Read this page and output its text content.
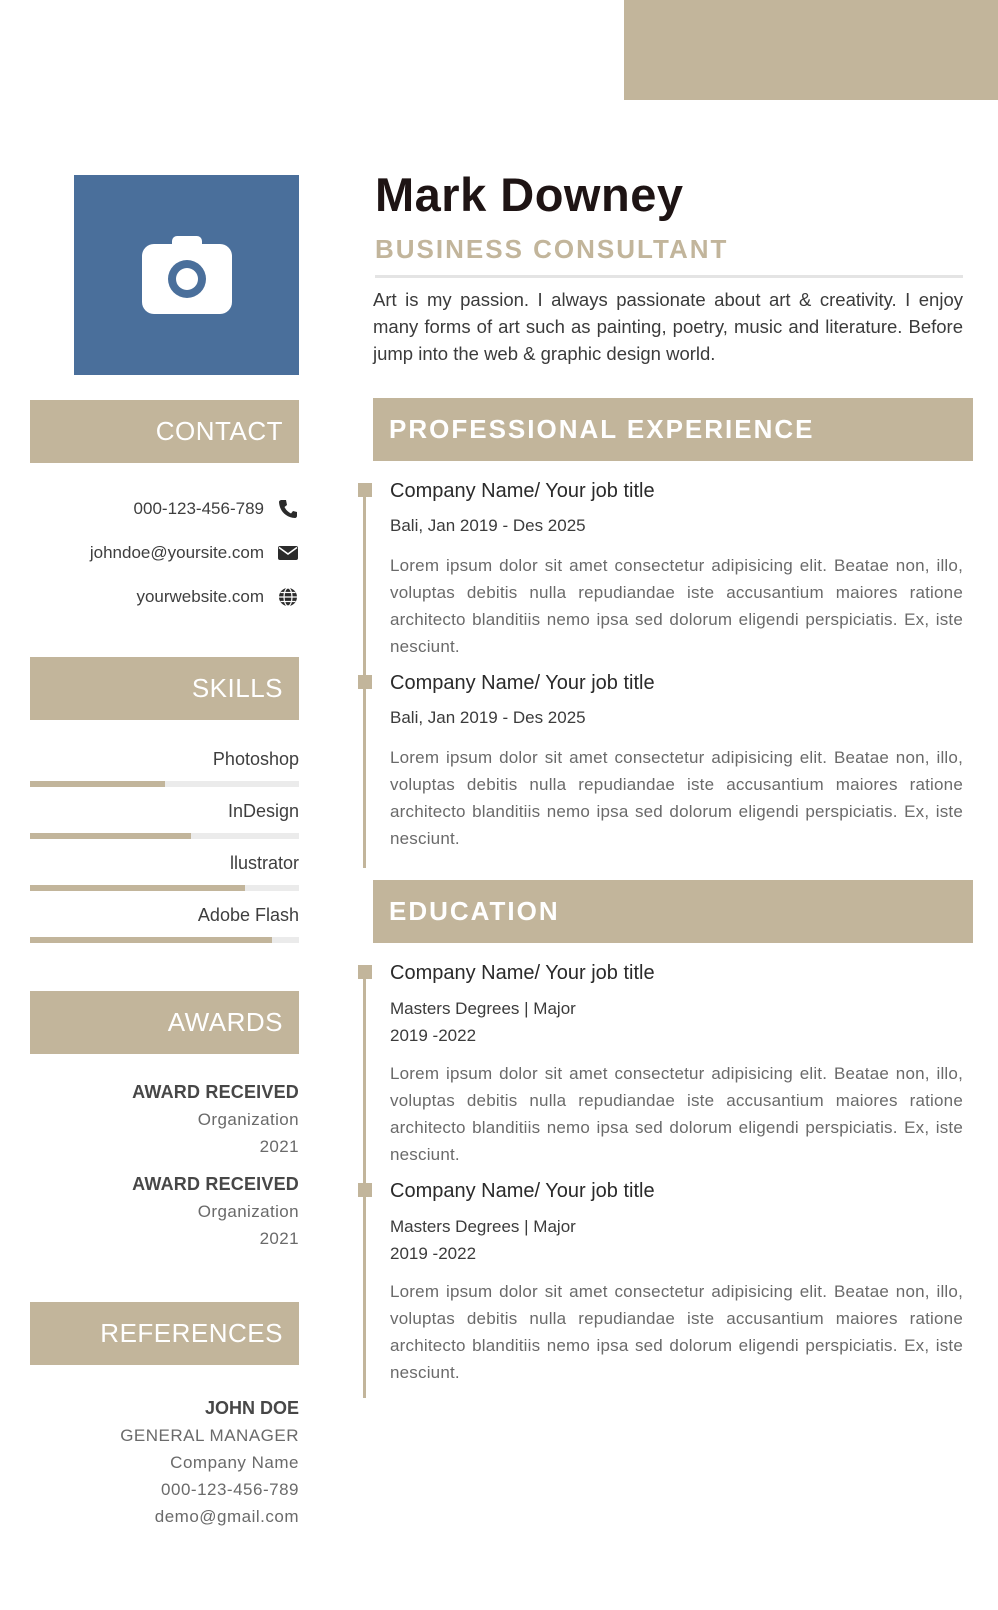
CONTACT
000-123-456-789
johndoe@yoursite.com
yourwebsite.com
SKILLS
Photoshop
InDesign
llustrator
Adobe Flash
AWARDS
AWARD RECEIVED
Organization
2021
AWARD RECEIVED
Organization
2021
REFERENCES
JOHN DOE
GENERAL MANAGER
Company Name
000-123-456-789
demo@gmail.com
Mark Downey
BUSINESS CONSULTANT
Art is my passion. I always passionate about art & creativity. I enjoy many forms of art such as painting, poetry, music and literature. Before jump into the web & graphic design world.
PROFESSIONAL EXPERIENCE
Company Name/ Your job title
Bali, Jan 2019 - Des 2025
Lorem ipsum dolor sit amet consectetur adipisicing elit. Beatae non, illo, voluptas debitis nulla repudiandae iste accusantium maiores ratione architecto blanditiis nemo ipsa sed dolorum eligendi perspiciatis. Ex, iste nesciunt.
Company Name/ Your job title
Bali, Jan 2019 - Des 2025
Lorem ipsum dolor sit amet consectetur adipisicing elit. Beatae non, illo, voluptas debitis nulla repudiandae iste accusantium maiores ratione architecto blanditiis nemo ipsa sed dolorum eligendi perspiciatis. Ex, iste nesciunt.
EDUCATION
Company Name/ Your job title
Masters Degrees | Major
2019 -2022
Lorem ipsum dolor sit amet consectetur adipisicing elit. Beatae non, illo, voluptas debitis nulla repudiandae iste accusantium maiores ratione architecto blanditiis nemo ipsa sed dolorum eligendi perspiciatis. Ex, iste nesciunt.
Company Name/ Your job title
Masters Degrees | Major
2019 -2022
Lorem ipsum dolor sit amet consectetur adipisicing elit. Beatae non, illo, voluptas debitis nulla repudiandae iste accusantium maiores ratione architecto blanditiis nemo ipsa sed dolorum eligendi perspiciatis. Ex, iste nesciunt.
